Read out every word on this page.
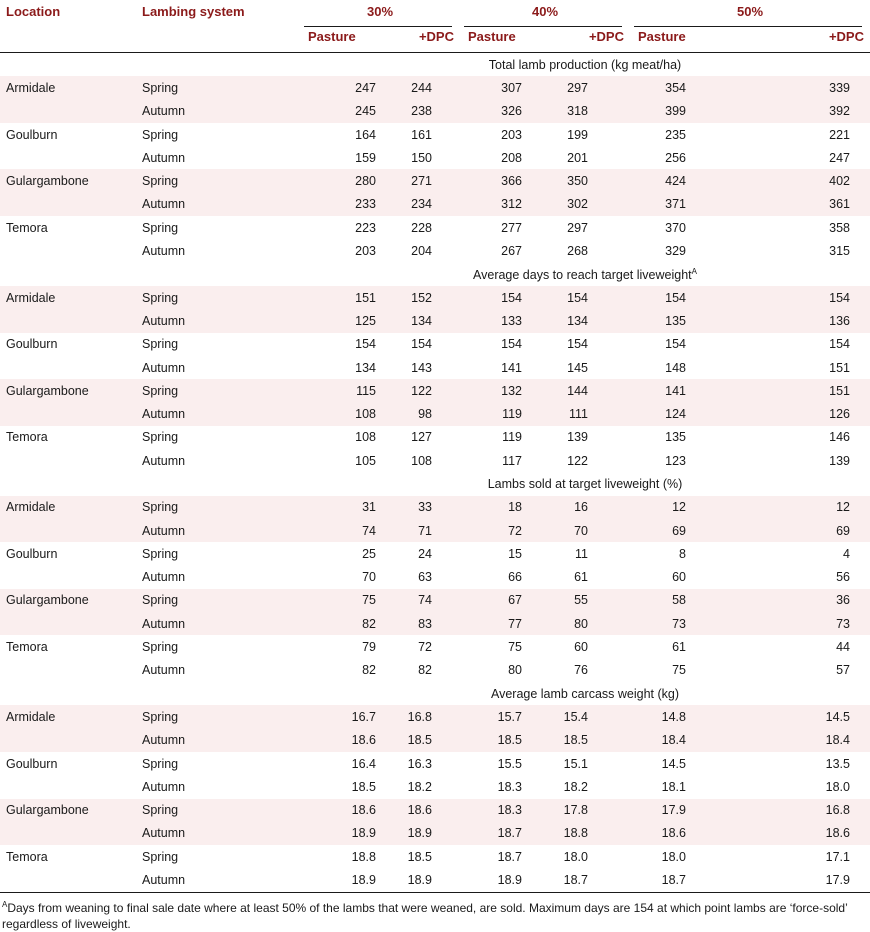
Location	Lambing system	30%		40%		50%	

		Pasture	+DPC	Pasture	+DPC	Pasture	+DPC
		Total lamb production (kg meat/ha)					
Armidale	Spring	247	244	307	297	354	339
	Autumn	245	238	326	318	399	392
Goulburn	Spring	164	161	203	199	235	221
	Autumn	159	150	208	201	256	247
Gulargambone	Spring	280	271	366	350	424	402
	Autumn	233	234	312	302	371	361
Temora	Spring	223	228	277	297	370	358
	Autumn	203	204	267	268	329	315
		Average days to reach target liveweight$^A$
Armidale	Spring	151	152	154	154	154	154
	Autumn	125	134	133	134	135	136
Goulburn	Spring	154	154	154	154	154	154
	Autumn	134	143	141	145	148	151
Gulargambone	Spring	115	122	132	144	141	151
	Autumn	108	98	119	111	124	126
Temora	Spring	108	127	119	139	135	146
	Autumn	105	108	117	122	123	139
		Lambs sold at target liveweight (%)					
Armidale	Spring	31	33	18	16	12	12
	Autumn	74	71	72	70	69	69
Goulburn	Spring	25	24	15	11	8	4
	Autumn	70	63	66	61	60	56
Gulargambone	Spring	75	74	67	55	58	36
	Autumn	82	83	77	80	73	73
Temora	Spring	79	72	75	60	61	44
	Autumn	82	82	80	76	75	57
		Average lamb carcass weight (kg)					
Armidale	Spring	16.7	16.8	15.7	15.4	14.8	14.5
	Autumn	18.6	18.5	18.5	18.5	18.4	18.4
Goulburn	Spring	16.4	16.3	15.5	15.1	14.5	13.5
	Autumn	18.5	18.2	18.3	18.2	18.1	18.0
Gulargambone	Spring	18.6	18.6	18.3	17.8	17.9	16.8
	Autumn	18.9	18.9	18.7	18.8	18.6	18.6
Temora	Spring	18.8	18.5	18.7	18.0	18.0	17.1
	Autumn	18.9	18.9	18.9	18.7	18.7	17.9
$^A$Days from weaning to final sale date where at least 50% of the lambs that were weaned, are sold. Maximum days are 154 at which point lambs are ‘force-sold’ regardless of liveweight.
